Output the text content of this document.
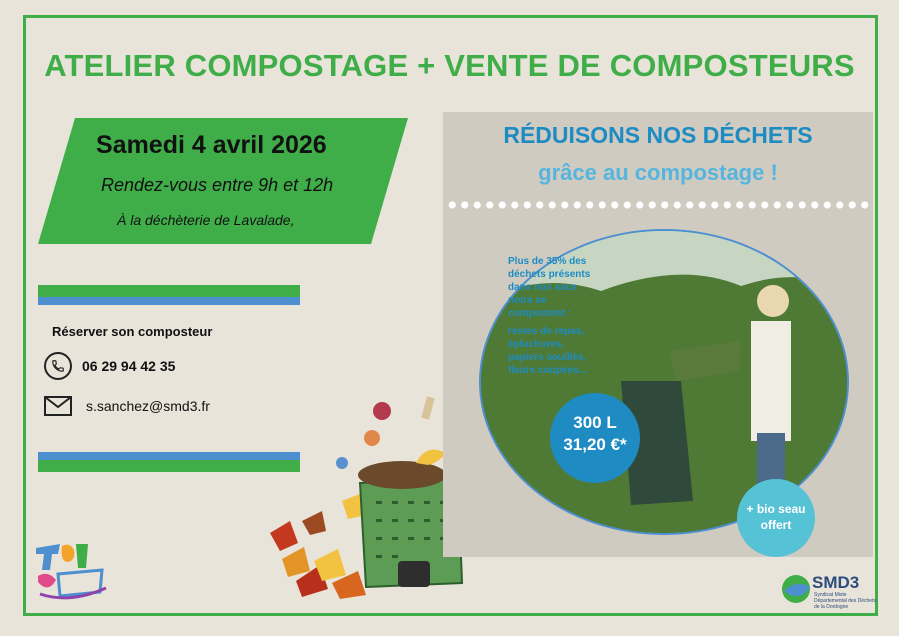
ATELIER COMPOSTAGE + VENTE DE COMPOSTEURS
Samedi 4 avril 2026
Rendez-vous entre 9h et 12h
À la déchèterie de Lavalade,
Réserver son composteur
06 29 94 42 35
s.sanchez@smd3.fr
RÉDUISONS NOS DÉCHETS
grâce au compostage !
Plus de 35% des déchets présents dans nos sacs noirs se compostent :
restes de repas, épluchures, papiers souillés, fleurs coupées...
300 L
31,20 €*
+ bio seau offert
SMD3
Syndicat Mixte Départemental des Déchets de la Dordogne
